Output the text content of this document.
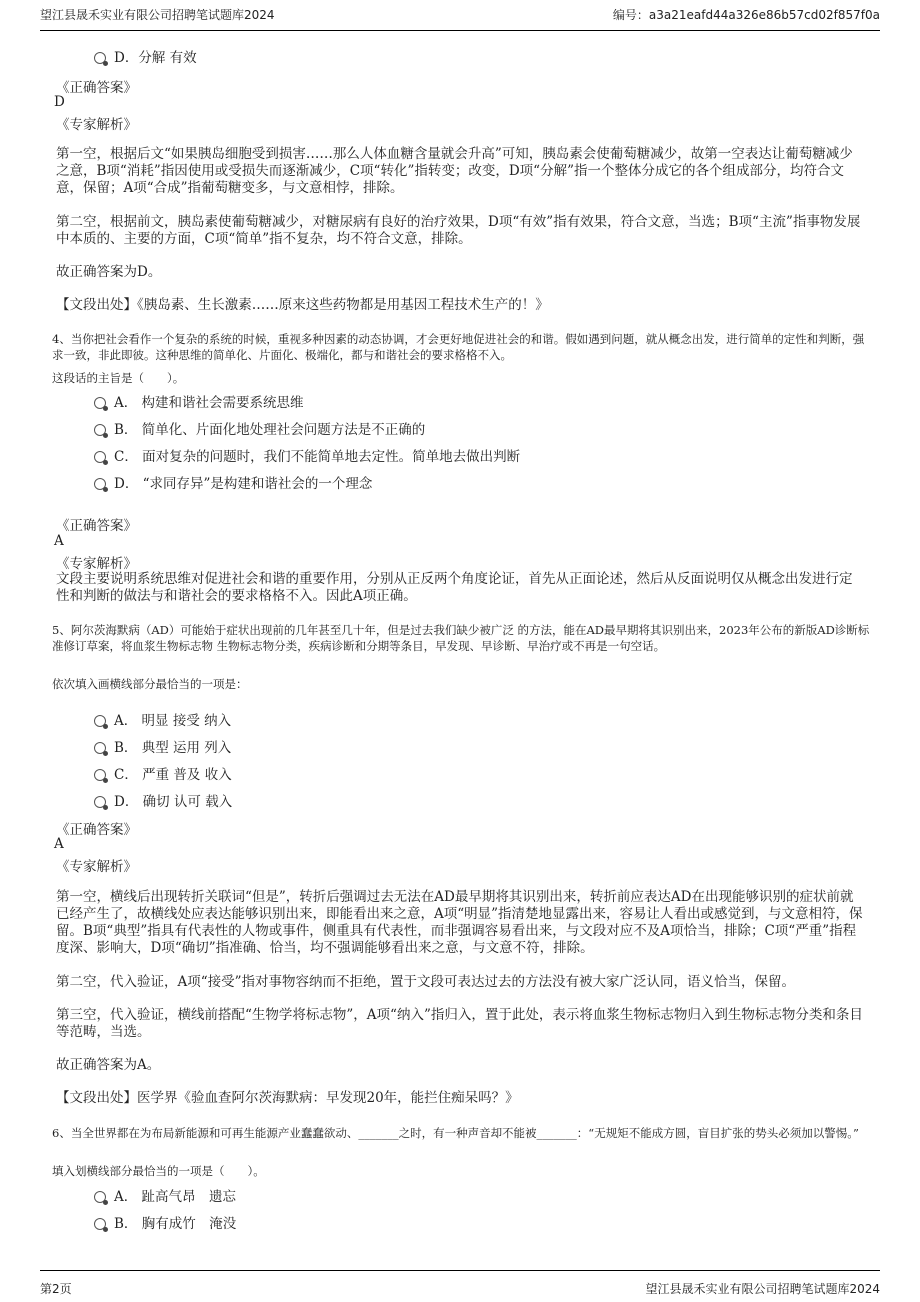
望江县晟禾实业有限公司招聘笔试题库2024	编号：a3a21eafd44a326e86b57cd02f857f0a
D．分解 有效
《正确答案》
D
《专家解析》
第一空，根据后文“如果胰岛细胞受到损害……那么人体血糖含量就会升高”可知，胰岛素会使葡萄糖减少，故第一空表达让葡萄糖减少之意，B项“消耗”指因使用或受损失而逐渐减少，C项“转化”指转变；改变，D项“分解”指一个整体分成它的各个组成部分，均符合文意，保留；A项“合成”指葡萄糖变多，与文意相悖，排除。
第二空，根据前文，胰岛素使葡萄糖减少，对糖尿病有良好的治疗效果，D项“有效”指有效果，符合文意，当选；B项“主流”指事物发展中本质的、主要的方面，C项“简单”指不复杂，均不符合文意，排除。
故正确答案为D。
【文段出处】《胰岛素、生长激素……原来这些药物都是用基因工程技术生产的！》
4、当你把社会看作一个复杂的系统的时候，重视多种因素的动态协调，才会更好地促进社会的和谐。假如遇到问题，就从概念出发，进行简单的定性和判断，强求一致，非此即彼。这种思维的简单化、片面化、极端化，都与和谐社会的要求格格不入。
这段话的主旨是（　　）。
A． 构建和谐社会需要系统思维
B． 简单化、片面化地处理社会问题方法是不正确的
C． 面对复杂的问题时，我们不能简单地去定性。简单地去做出判断
D． “求同存异”是构建和谐社会的一个理念
《正确答案》
A
《专家解析》
文段主要说明系统思维对促进社会和谐的重要作用，分别从正反两个角度论证，首先从正面论述，然后从反面说明仅从概念出发进行定性和判断的做法与和谐社会的要求格格不入。因此A项正确。
5、阿尔茨海默病（AD）可能始于症状出现前的几年甚至几十年，但是过去我们缺少被广泛 的方法，能在AD最早期将其识别出来，2023年公布的新版AD诊断标准修订草案，将血浆生物标志物 生物标志物分类，疾病诊断和分期等条目，早发现、早诊断、早治疗或不再是一句空话。
依次填入画横线部分最恰当的一项是：
A． 明显 接受 纳入
B． 典型 运用 列入
C． 严重 普及 收入
D． 确切 认可 载入
《正确答案》
A
《专家解析》
第一空，横线后出现转折关联词“但是”，转折后强调过去无法在AD最早期将其识别出来，转折前应表达AD在出现能够识别的症状前就已经产生了，故横线处应表达能够识别出来，即能看出来之意，A项“明显”指清楚地显露出来，容易让人看出或感觉到，与文意相符，保留。B项“典型”指具有代表性的人物或事件，侧重具有代表性，而非强调容易看出来，与文段对应不及A项恰当，排除；C项“严重”指程度深、影响大，D项“确切”指准确、恰当，均不强调能够看出来之意，与文意不符，排除。
第二空，代入验证，A项“接受”指对事物容纳而不拒绝，置于文段可表达过去的方法没有被大家广泛认同，语义恰当，保留。
第三空，代入验证，横线前搭配“生物学将标志物”，A项“纳入”指归入，置于此处，表示将血浆生物标志物归入到生物标志物分类和条目等范畴，当选。
故正确答案为A。
【文段出处】医学界《验血查阿尔茨海默病：早发现20年，能拦住痴呆吗？》
6、当全世界都在为布局新能源和可再生能源产业蠢蠢欲动、_______之时，有一种声音却不能被_______：“无规矩不能成方圆，盲目扩张的势头必须加以警惕。”
填入划横线部分最恰当的一项是（　　）。
A． 趾高气昂　遗忘
B． 胸有成竹　淹没
第2页	望江县晟禾实业有限公司招聘笔试题库2024
